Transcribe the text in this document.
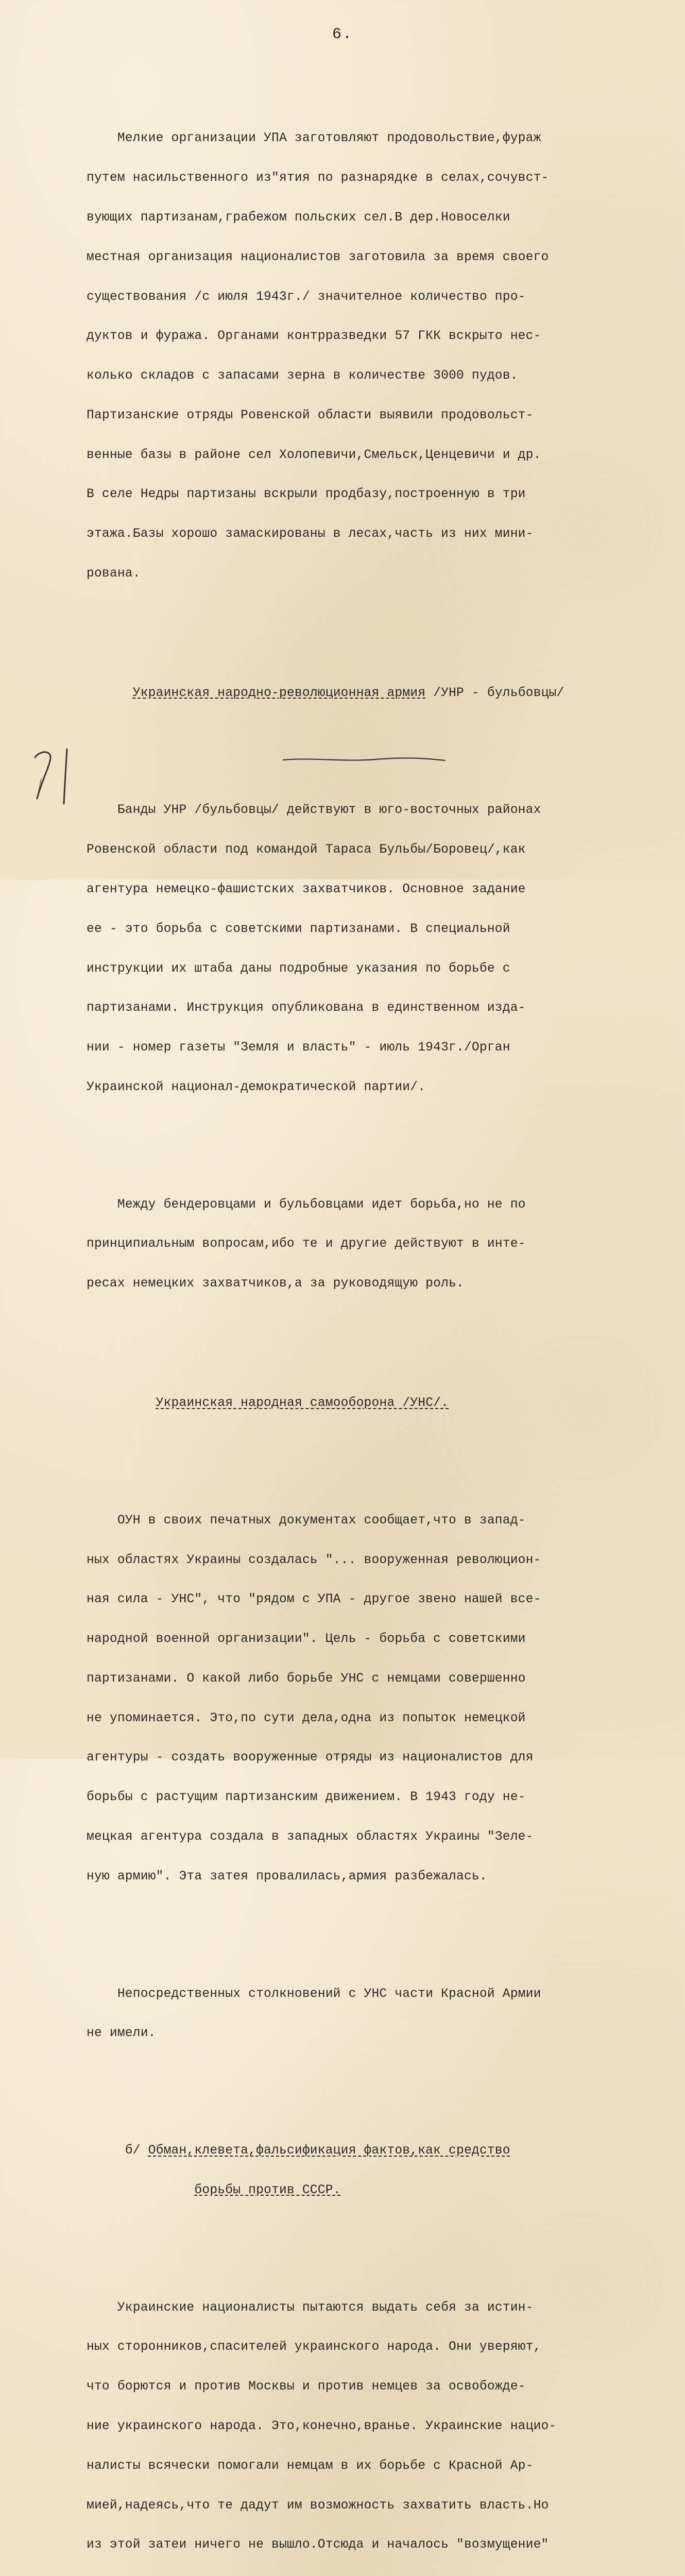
6.

Мелкие организации УПА заготовляют продовольствие,фураж

путем насильственного из"ятия по разнарядке в селах,сочувст-

вующих партизанам,грабежом польских сел.В дер.Новоселки

местная организация националистов заготовила за время своего

существования /с июля 1943г./ значителное количество про-

дуктов и фуража. Органами контрразведки 57 ГКК вскрыто нес-

колько складов с запасами зерна в количестве 3000 пудов.

Партизанские отряды Ровенской области выявили продовольст-

венные базы в районе сел Холопевичи,Смельск,Ценцевичи и др.

В селе Недры партизаны вскрыли продбазу,построенную в три

этажа.Базы хорошо замаскированы в лесах,часть из них мини-

рована.

Украинская народно-революционная армия /УНР - бульбовцы/

Банды УНР /бульбовцы/ действуют в юго-восточных районах

Ровенской области под командой Тараса Бульбы/Боровец/,как

агентура немецко-фашистских захватчиков. Основное задание

ее - это борьба с советскими партизанами. В специальной

инструкции их штаба даны подробные указания по борьбе с

партизанами. Инструкция опубликована в единственном изда-

нии - номер газеты "Земля и власть" - июль 1943г./Орган

Украинской национал-демократической партии/.

Между бендеровцами и бульбовцами идет борьба,но не по

принципиальным вопросам,ибо те и другие действуют в инте-

ресах немецких захватчиков,а за руководящую роль.

Украинская народная самооборона /УНС/.

ОУН в своих печатных документах сообщает,что в запад-

ных областях Украины создалась "... вооруженная революцион-

ная сила - УНС", что "рядом с УПА - другое звено нашей все-

народной военной организации". Цель - борьба с советскими

партизанами. О какой либо борьбе УНС с немцами совершенно

не упоминается. Это,по сути дела,одна из попыток немецкой

агентуры - создать вооруженные отряды из националистов для

борьбы с растущим партизанским движением. В 1943 году не-

мецкая агентура создала в западных областях Украины "Зеле-

ную армию". Эта затея провалилась,армия разбежалась.

Непосредственных столкновений с УНС части Красной Армии

не имели.

б/ Обман,клевета,фальсификация фактов,как средство

борьбы против СССР.

Украинские националисты пытаются выдать себя за истин-

ных сторонников,спасителей украинского народа. Они уверяют,

что борются и против Москвы и против немцев за освобожде-

ние украинского народа. Это,конечно,вранье. Украинские нацио-

налисты всячески помогали немцам в их борьбе с Красной Ар-

мией,надеясь,что те дадут им возможность захватить власть.Но

из этой затеи ничего не вышло.Отсюда и началось "возмущение"
